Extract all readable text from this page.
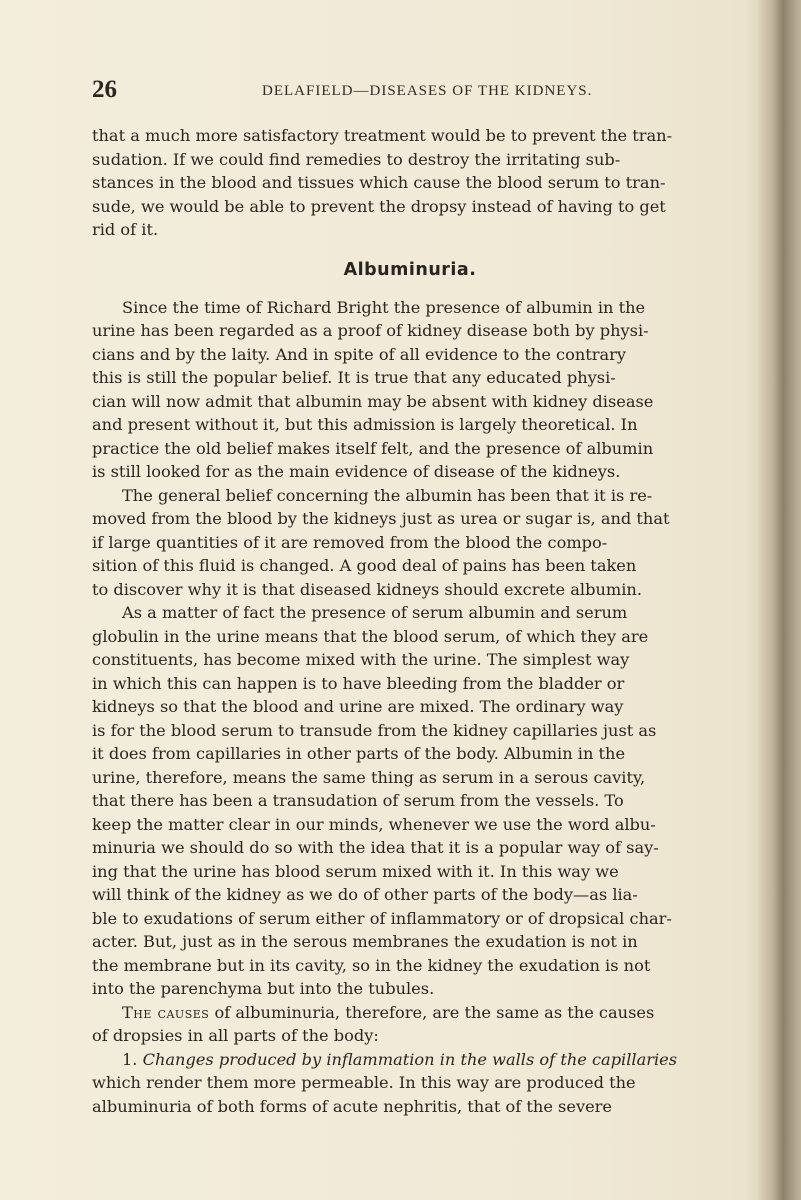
26	DELAFIELD—DISEASES OF THE KIDNEYS.
that a much more satisfactory treatment would be to prevent the tran-
sudation. If we could find remedies to destroy the irritating sub-
stances in the blood and tissues which cause the blood serum to tran-
sude, we would be able to prevent the dropsy instead of having to get
rid of it.
Albuminuria.
Since the time of Richard Bright the presence of albumin in the
urine has been regarded as a proof of kidney disease both by physi-
cians and by the laity. And in spite of all evidence to the contrary
this is still the popular belief. It is true that any educated physi-
cian will now admit that albumin may be absent with kidney disease
and present without it, but this admission is largely theoretical. In
practice the old belief makes itself felt, and the presence of albumin
is still looked for as the main evidence of disease of the kidneys.
The general belief concerning the albumin has been that it is re-
moved from the blood by the kidneys just as urea or sugar is, and that
if large quantities of it are removed from the blood the compo-
sition of this fluid is changed. A good deal of pains has been taken
to discover why it is that diseased kidneys should excrete albumin.
As a matter of fact the presence of serum albumin and serum
globulin in the urine means that the blood serum, of which they are
constituents, has become mixed with the urine. The simplest way
in which this can happen is to have bleeding from the bladder or
kidneys so that the blood and urine are mixed. The ordinary way
is for the blood serum to transude from the kidney capillaries just as
it does from capillaries in other parts of the body. Albumin in the
urine, therefore, means the same thing as serum in a serous cavity,
that there has been a transudation of serum from the vessels. To
keep the matter clear in our minds, whenever we use the word albu-
minuria we should do so with the idea that it is a popular way of say-
ing that the urine has blood serum mixed with it. In this way we
will think of the kidney as we do of other parts of the body—as lia-
ble to exudations of serum either of inflammatory or of dropsical char-
acter. But, just as in the serous membranes the exudation is not in
the membrane but in its cavity, so in the kidney the exudation is not
into the parenchyma but into the tubules.
The causes of albuminuria, therefore, are the same as the causes
of dropsies in all parts of the body:
1. Changes produced by inflammation in the walls of the capillaries
which render them more permeable. In this way are produced the
albuminuria of both forms of acute nephritis, that of the severe
